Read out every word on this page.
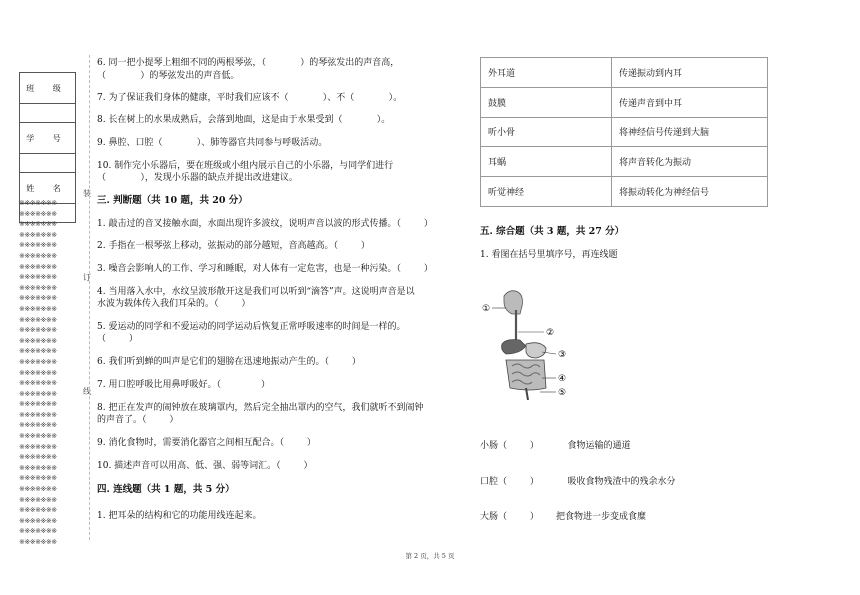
班 级

学 号

姓 名

※※※※※※※
※※※※※※※
※※※※※※※
※※※※※※※
※※※※※※※
※※※※※※※
※※※※※※※
※※※※※※※
※※※※※※※
※※※※※※※
※※※※※※※
※※※※※※※
※※※※※※※
※※※※※※※
※※※※※※※
※※※※※※※
※※※※※※※
※※※※※※※
※※※※※※※
※※※※※※※
※※※※※※※
※※※※※※※
※※※※※※※
※※※※※※※
※※※※※※※
※※※※※※※
※※※※※※※
※※※※※※※
※※※※※※※
※※※※※※※
※※※※※※※
※※※※※※※
※※※※※※※
装
订
线
6. 同一把小提琴上粗细不同的两根琴弦，（            ）的琴弦发出的声音高，
（            ）的琴弦发出的声音低。
7. 为了保证我们身体的健康，平时我们应该不（            ）、不（            ）。
8. 长在树上的水果成熟后，会落到地面，这是由于水果受到（            ）。
9. 鼻腔、口腔（            ）、肺等器官共同参与呼吸活动。
10. 制作完小乐器后，要在班级或小组内展示自己的小乐器，与同学们进行
（            ），发现小乐器的缺点并提出改进建议。
三. 判断题（共 10 题，共 20 分）
1. 敲击过的音叉接触水面，水面出现许多波纹，说明声音以波的形式传播。（        ）
2. 手指在一根琴弦上移动，弦振动的部分越短，音高越高。（        ）
3. 噪音会影响人的工作、学习和睡眠，对人体有一定危害，也是一种污染。（        ）
4. 当用落入水中，水纹呈波形散开这是我们可以听到“滴答”声。这说明声音是以
水波为载体传入我们耳朵的。（        ）
5. 爱运动的同学和不爱运动的同学运动后恢复正常呼吸速率的时间是一样的。
（        ）
6. 我们听到蝉的叫声是它们的翅膀在迅速地振动产生的。（        ）
7. 用口腔呼吸比用鼻呼吸好。（              ）
8. 把正在发声的闹钟放在玻璃罩内，然后完全抽出罩内的空气，我们就听不到闹钟
的声音了。（        ）
9. 消化食物时，需要消化器官之间相互配合。（        ）
10. 描述声音可以用高、低、强、弱等词汇。（        ）
四. 连线题（共 1 题，共 5 分）
1. 把耳朵的结构和它的功能用线连起来。
外耳道	传递振动到内耳
鼓膜	传递声音到中耳
听小骨	将神经信号传递到大脑
耳蜗	将声音转化为振动
听觉神经	将振动转化为神经信号
五. 综合题（共 3 题，共 27 分）
1. 看图在括号里填序号，再连线题
①
②
③
④
⑤
小肠（        ）          食物运输的通道
口腔（        ）          吸收食物残渣中的残余水分
大肠（        ）      把食物进一步变成食糜
第 2 页，共 5 页
